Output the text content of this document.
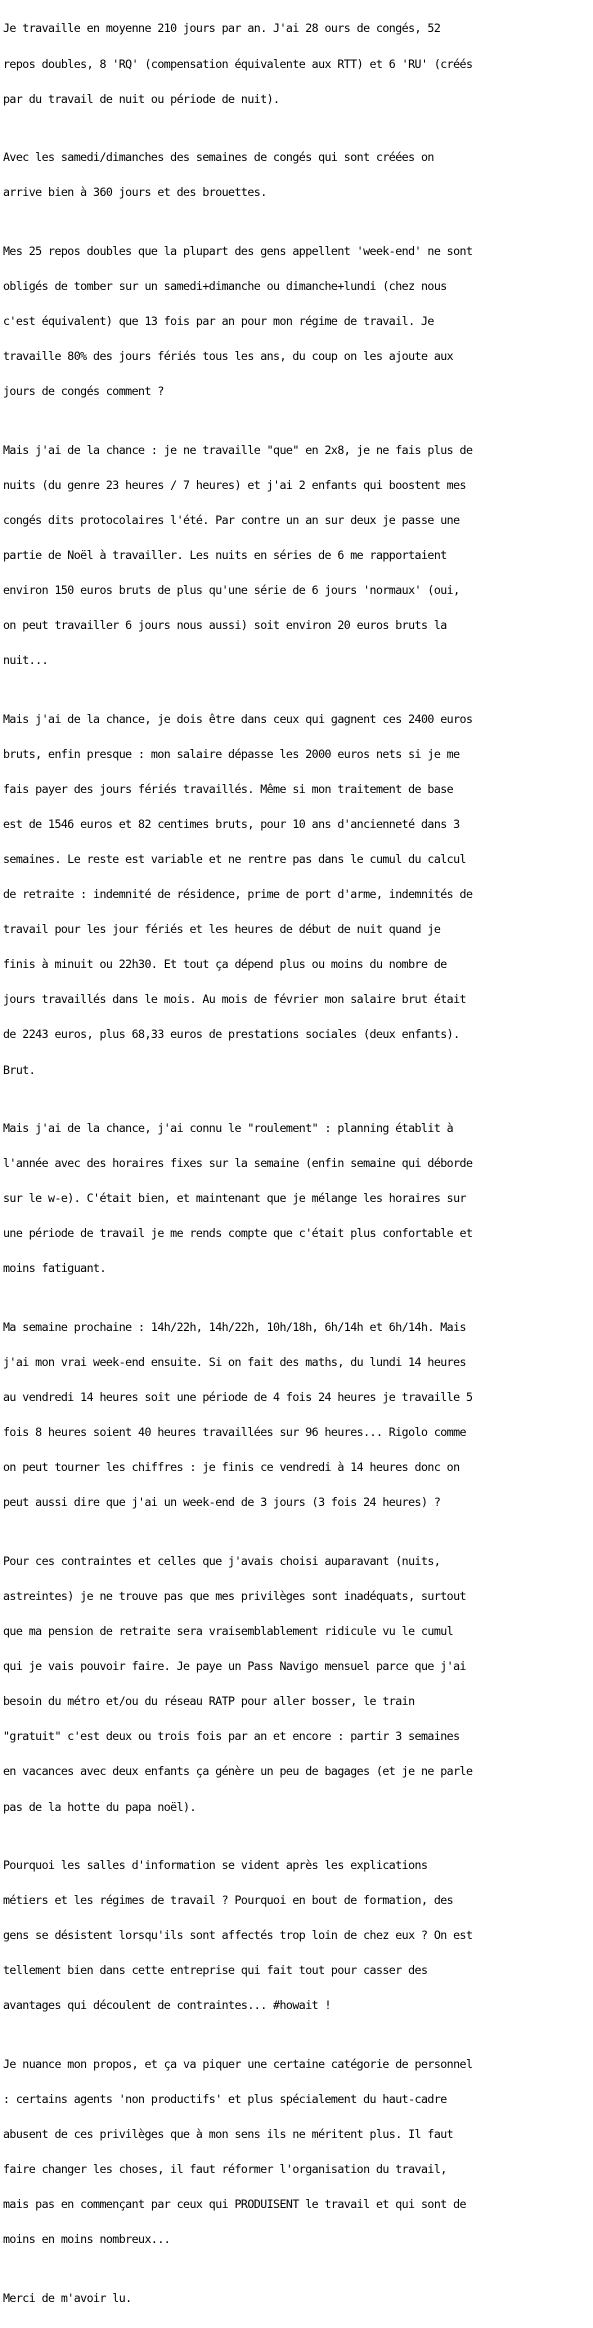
Je travaille en moyenne 210 jours par an. J'ai 28 ours de congés, 52

repos doubles, 8 'RQ' (compensation équivalente aux RTT) et 6 'RU' (créés

par du travail de nuit ou période de nuit).

Avec les samedi/dimanches des semaines de congés qui sont créées on

arrive bien à 360 jours et des brouettes.

Mes 25 repos doubles que la plupart des gens appellent 'week-end' ne sont

obligés de tomber sur un samedi+dimanche ou dimanche+lundi (chez nous

c'est équivalent) que 13 fois par an pour mon régime de travail. Je

travaille 80% des jours fériés tous les ans, du coup on les ajoute aux

jours de congés comment ?

Mais j'ai de la chance : je ne travaille "que" en 2x8, je ne fais plus de

nuits (du genre 23 heures / 7 heures) et j'ai 2 enfants qui boostent mes

congés dits protocolaires l'été. Par contre un an sur deux je passe une

partie de Noël à travailler. Les nuits en séries de 6 me rapportaient

environ 150 euros bruts de plus qu'une série de 6 jours 'normaux' (oui,

on peut travailler 6 jours nous aussi) soit environ 20 euros bruts la

nuit...

Mais j'ai de la chance, je dois être dans ceux qui gagnent ces 2400 euros

bruts, enfin presque : mon salaire dépasse les 2000 euros nets si je me

fais payer des jours fériés travaillés. Même si mon traitement de base

est de 1546 euros et 82 centimes bruts, pour 10 ans d'ancienneté dans 3

semaines. Le reste est variable et ne rentre pas dans le cumul du calcul

de retraite : indemnité de résidence, prime de port d'arme, indemnités de

travail pour les jour fériés et les heures de début de nuit quand je

finis à minuit ou 22h30. Et tout ça dépend plus ou moins du nombre de

jours travaillés dans le mois. Au mois de février mon salaire brut était

de 2243 euros, plus 68,33 euros de prestations sociales (deux enfants).

Brut.

Mais j'ai de la chance, j'ai connu le "roulement" : planning établit à

l'année avec des horaires fixes sur la semaine (enfin semaine qui déborde

sur le w-e). C'était bien, et maintenant que je mélange les horaires sur

une période de travail je me rends compte que c'était plus confortable et

moins fatiguant.

Ma semaine prochaine : 14h/22h, 14h/22h, 10h/18h, 6h/14h et 6h/14h. Mais

j'ai mon vrai week-end ensuite. Si on fait des maths, du lundi 14 heures

au vendredi 14 heures soit une période de 4 fois 24 heures je travaille 5

fois 8 heures soient 40 heures travaillées sur 96 heures... Rigolo comme

on peut tourner les chiffres : je finis ce vendredi à 14 heures donc on

peut aussi dire que j'ai un week-end de 3 jours (3 fois 24 heures) ?

Pour ces contraintes et celles que j'avais choisi auparavant (nuits,

astreintes) je ne trouve pas que mes privilèges sont inadéquats, surtout

que ma pension de retraite sera vraisemblablement ridicule vu le cumul

qui je vais pouvoir faire. Je paye un Pass Navigo mensuel parce que j'ai

besoin du métro et/ou du réseau RATP pour aller bosser, le train

"gratuit" c'est deux ou trois fois par an et encore : partir 3 semaines

en vacances avec deux enfants ça génère un peu de bagages (et je ne parle

pas de la hotte du papa noël).

Pourquoi les salles d'information se vident après les explications

métiers et les régimes de travail ? Pourquoi en bout de formation, des

gens se désistent lorsqu'ils sont affectés trop loin de chez eux ? On est

tellement bien dans cette entreprise qui fait tout pour casser des

avantages qui découlent de contraintes... #howait !

Je nuance mon propos, et ça va piquer une certaine catégorie de personnel

: certains agents 'non productifs' et plus spécialement du haut-cadre

abusent de ces privilèges que à mon sens ils ne méritent plus. Il faut

faire changer les choses, il faut réformer l'organisation du travail,

mais pas en commençant par ceux qui PRODUISENT le travail et qui sont de

moins en moins nombreux...

Merci de m'avoir lu.
